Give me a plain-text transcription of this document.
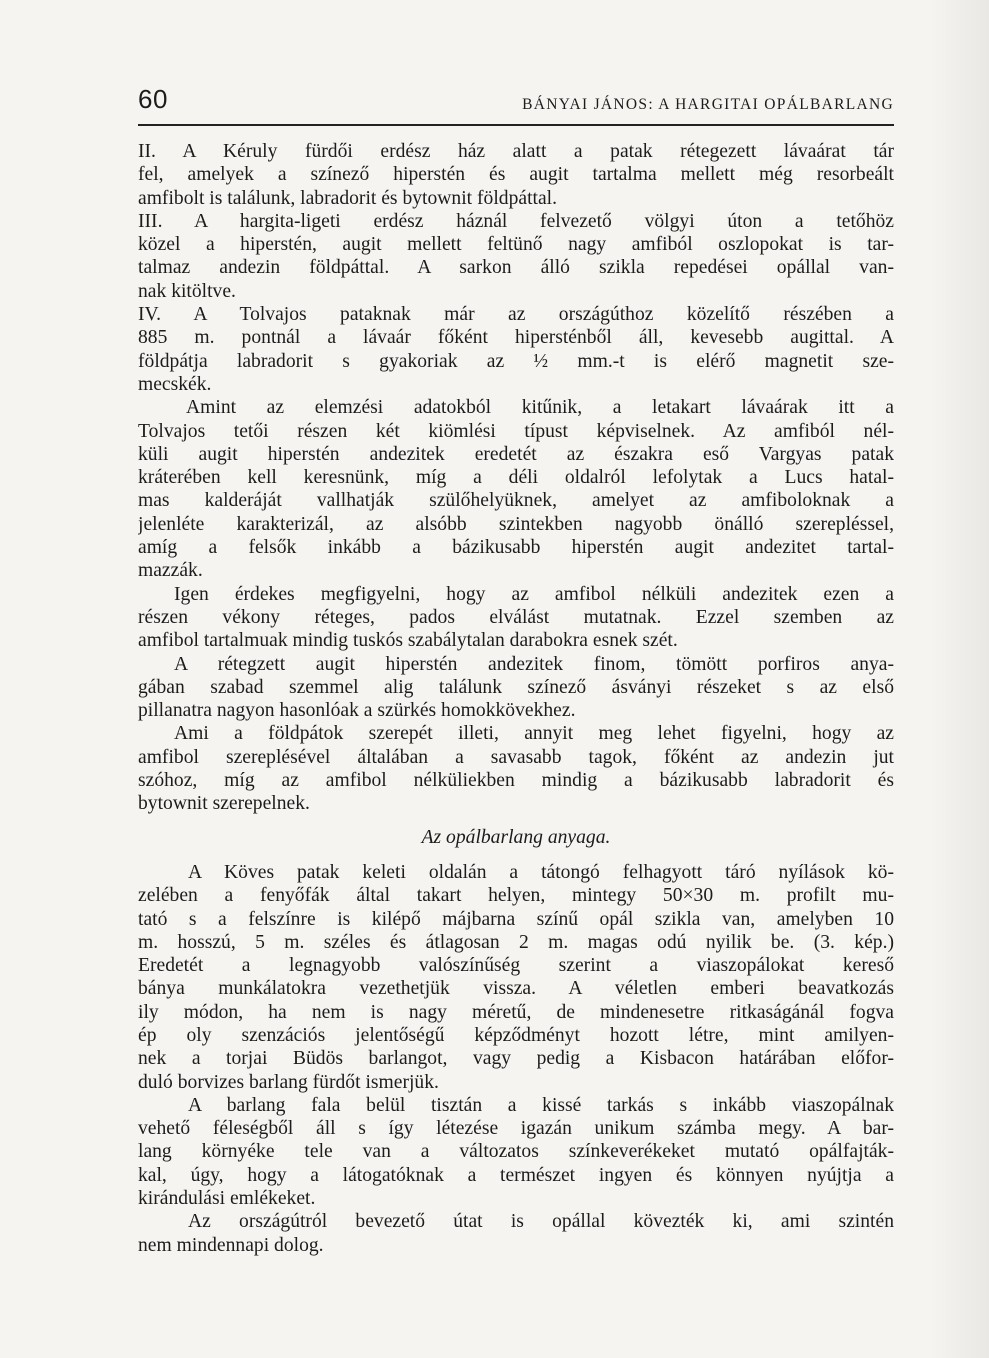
60	BÁNYAI JÁNOS: A HARGITAI OPÁLBARLANG
II. A Kéruly fürdői erdész ház alatt a patak rétegezett lávaárat tár
fel, amelyek a színező hiperstén és augit tartalma mellett még resorbeált
amfibolt is találunk, labradorit és bytownit földpáttal.
III. A hargita-ligeti erdész háznál felvezető völgyi úton a tetőhöz
közel a hiperstén, augit mellett feltünő nagy amfiból oszlopokat is tar-
talmaz andezin földpáttal. A sarkon álló szikla repedései opállal van-
nak kitöltve.
IV. A Tolvajos pataknak már az országúthoz közelítő részében a
885 m. pontnál a lávaár főként hipersténből áll, kevesebb augittal. A
földpátja labradorit s gyakoriak az ½ mm.-t is elérő magnetit sze-
mecskék.
Amint az elemzési adatokból kitűnik, a letakart lávaárak itt a
Tolvajos tetői részen két kiömlési típust képviselnek. Az amfiból nél-
küli augit hiperstén andezitek eredetét az északra eső Vargyas patak
kráterében kell keresnünk, míg a déli oldalról lefolytak a Lucs hatal-
mas kalderáját vallhatják szülőhelyüknek, amelyet az amfiboloknak a
jelenléte karakterizál, az alsóbb szintekben nagyobb önálló szerepléssel,
amíg a felsők inkább a bázikusabb hiperstén augit andezitet tartal-
mazzák.
Igen érdekes megfigyelni, hogy az amfibol nélküli andezitek ezen a
részen vékony réteges, pados elválást mutatnak. Ezzel szemben az
amfibol tartalmuak mindig tuskós szabálytalan darabokra esnek szét.
A rétegzett augit hiperstén andezitek finom, tömött porfiros anya-
gában szabad szemmel alig találunk színező ásványi részeket s az első
pillanatra nagyon hasonlóak a szürkés homokkövekhez.
Ami a földpátok szerepét illeti, annyit meg lehet figyelni, hogy az
amfibol szereplésével általában a savasabb tagok, főként az andezin jut
szóhoz, míg az amfibol nélküliekben mindig a bázikusabb labradorit és
bytownit szerepelnek.
Az opálbarlang anyaga.
A Köves patak keleti oldalán a tátongó felhagyott táró nyílások kö-
zelében a fenyőfák által takart helyen, mintegy 50×30 m. profilt mu-
tató s a felszínre is kilépő májbarna színű opál szikla van, amelyben 10
m. hosszú, 5 m. széles és átlagosan 2 m. magas odú nyilik be. (3. kép.)
Eredetét a legnagyobb valószínűség szerint a viaszopálokat kereső
bánya munkálatokra vezethetjük vissza. A véletlen emberi beavatkozás
ily módon, ha nem is nagy méretű, de mindenesetre ritkaságánál fogva
ép oly szenzációs jelentőségű képződményt hozott létre, mint amilyen-
nek a torjai Büdös barlangot, vagy pedig a Kisbacon határában előfor-
duló borvizes barlang fürdőt ismerjük.
A barlang fala belül tisztán a kissé tarkás s inkább viaszopálnak
vehető féleségből áll s így létezése igazán unikum számba megy. A bar-
lang környéke tele van a változatos színkeverékeket mutató opálfajták-
kal, úgy, hogy a látogatóknak a természet ingyen és könnyen nyújtja a
kirándulási emlékeket.
Az országútról bevezető útat is opállal kövezték ki, ami szintén
nem mindennapi dolog.
